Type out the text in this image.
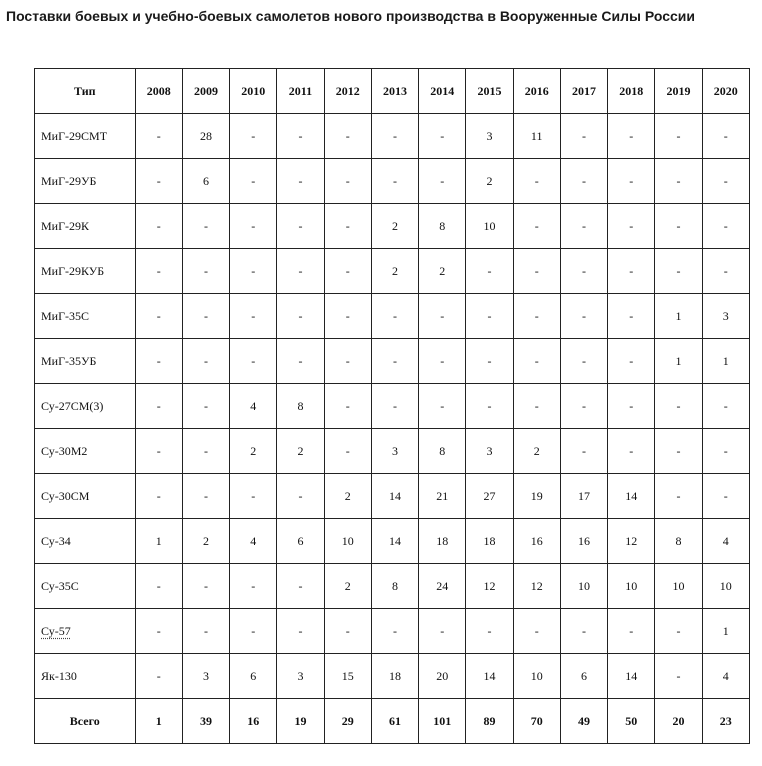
Поставки боевых и учебно-боевых самолетов нового производства в Вооруженные Силы России
Тип	2008	2009	2010	2011	2012	2013	2014	2015	2016	2017	2018	2019	2020
МиГ-29СМТ	-	28	-	-	-	-	-	3	11	-	-	-	-
МиГ-29УБ	-	6	-	-	-	-	-	2	-	-	-	-	-
МиГ-29К	-	-	-	-	-	2	8	10	-	-	-	-	-
МиГ-29КУБ	-	-	-	-	-	2	2	-	-	-	-	-	-
МиГ-35С	-	-	-	-	-	-	-	-	-	-	-	1	3
МиГ-35УБ	-	-	-	-	-	-	-	-	-	-	-	1	1
Су-27СМ(3)	-	-	4	8	-	-	-	-	-	-	-	-	-
Су-30М2	-	-	2	2	-	3	8	3	2	-	-	-	-
Су-30СМ	-	-	-	-	2	14	21	27	19	17	14	-	-
Су-34	1	2	4	6	10	14	18	18	16	16	12	8	4
Су-35С	-	-	-	-	2	8	24	12	12	10	10	10	10
Су-57	-	-	-	-	-	-	-	-	-	-	-	-	1
Як-130	-	3	6	3	15	18	20	14	10	6	14	-	4
Всего	1	39	16	19	29	61	101	89	70	49	50	20	23
